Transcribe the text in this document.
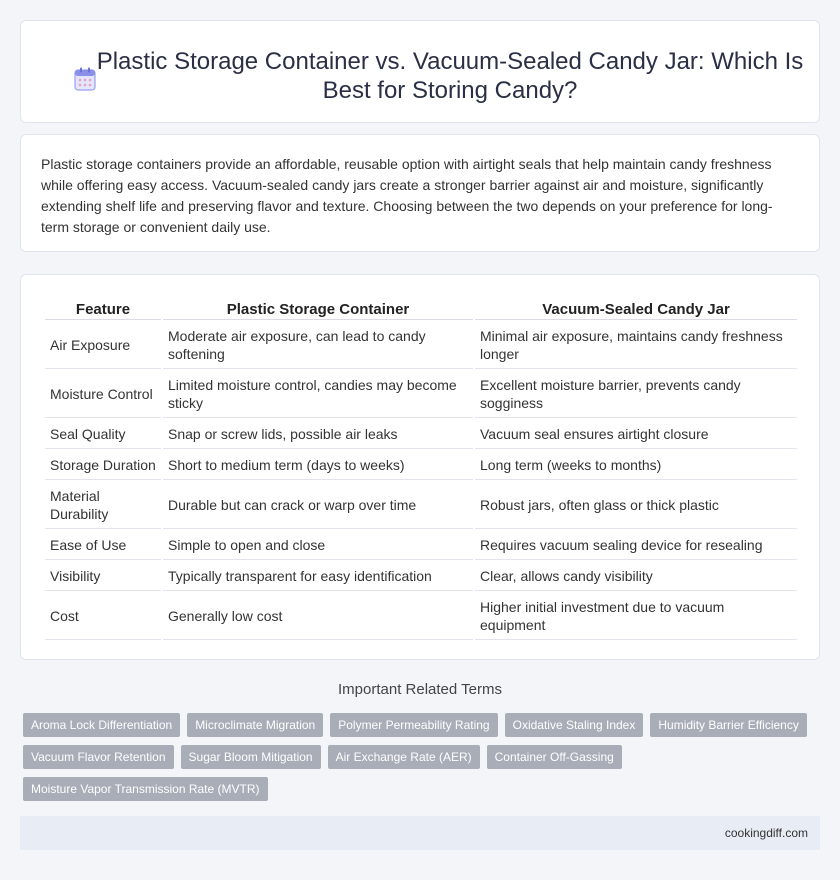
Plastic Storage Container vs. Vacuum-Sealed Candy Jar: Which Is Best for Storing Candy?

Plastic storage containers provide an affordable, reusable option with airtight seals that help maintain candy freshness while offering easy access. Vacuum-sealed candy jars create a stronger barrier against air and moisture, significantly extending shelf life and preserving flavor and texture. Choosing between the two depends on your preference for long-term storage or convenient daily use.

Feature	Plastic Storage Container	Vacuum-Sealed Candy Jar
Air Exposure	Moderate air exposure, can lead to candy softening	Minimal air exposure, maintains candy freshness longer
Moisture Control	Limited moisture control, candies may become sticky	Excellent moisture barrier, prevents candy sogginess
Seal Quality	Snap or screw lids, possible air leaks	Vacuum seal ensures airtight closure
Storage Duration	Short to medium term (days to weeks)	Long term (weeks to months)
Material Durability	Durable but can crack or warp over time	Robust jars, often glass or thick plastic
Ease of Use	Simple to open and close	Requires vacuum sealing device for resealing
Visibility	Typically transparent for easy identification	Clear, allows candy visibility
Cost	Generally low cost	Higher initial investment due to vacuum equipment
Important Related Terms
Aroma Lock Differentiation	Microclimate Migration	Polymer Permeability Rating	Oxidative Staling Index	Humidity Barrier Efficiency
Vacuum Flavor Retention	Sugar Bloom Mitigation	Air Exchange Rate (AER)	Container Off-Gassing
Moisture Vapor Transmission Rate (MVTR)
cookingdiff.com
